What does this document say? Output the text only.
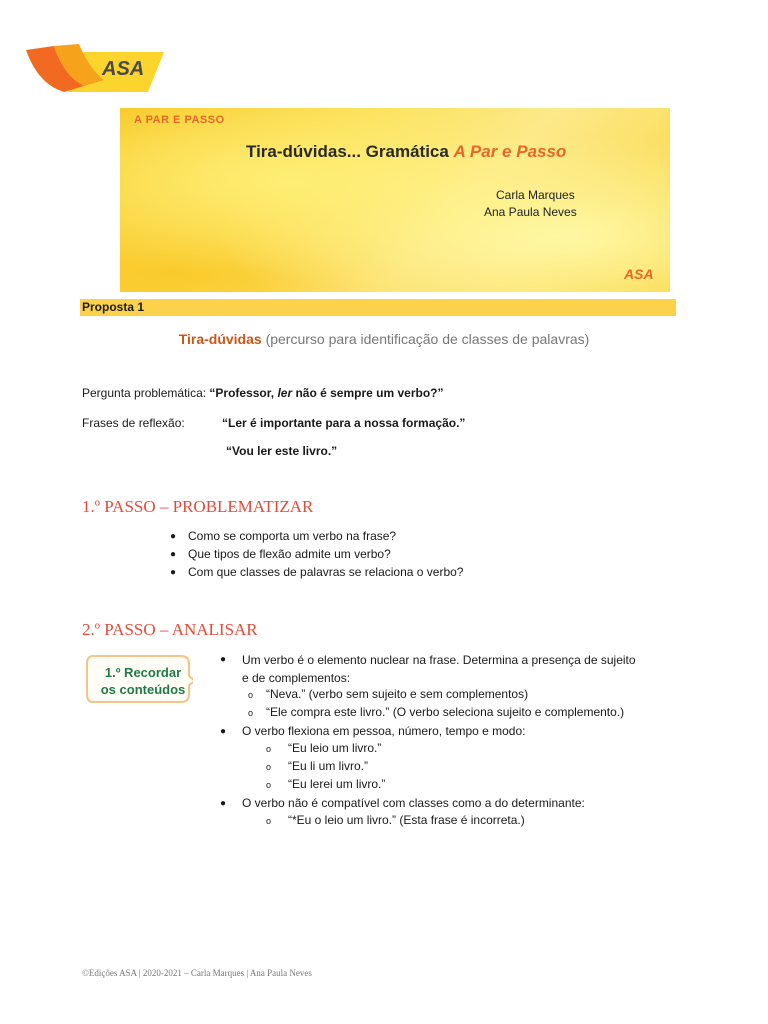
ASA
A PAR E PASSO
Tira-dúvidas... Gramática A Par e Passo
Carla Marques
Ana Paula Neves
ASA
Proposta 1
Tira-dúvidas (percurso para identificação de classes de palavras)
Pergunta problemática: “Professor, ler não é sempre um verbo?”
Frases de reflexão:	“Ler é importante para a nossa formação.”
“Vou ler este livro.”
1.º PASSO – PROBLEMATIZAR
● Como se comporta um verbo na frase?
● Que tipos de flexão admite um verbo?
● Com que classes de palavras se relaciona o verbo?
2.º PASSO – ANALISAR
1.º Recordar
os conteúdos
● Um verbo é o elemento nuclear na frase. Determina a presença de sujeito
e de complementos:
o “Neva.” (verbo sem sujeito e sem complementos)
o “Ele compra este livro.” (O verbo seleciona sujeito e complemento.)
● O verbo flexiona em pessoa, número, tempo e modo:
o “Eu leio um livro.”
o “Eu li um livro.”
o “Eu lerei um livro.”
● O verbo não é compatível com classes como a do determinante:
o “*Eu o leio um livro.” (Esta frase é incorreta.)
©Edições ASA | 2020-2021 – Carla Marques | Ana Paula Neves
